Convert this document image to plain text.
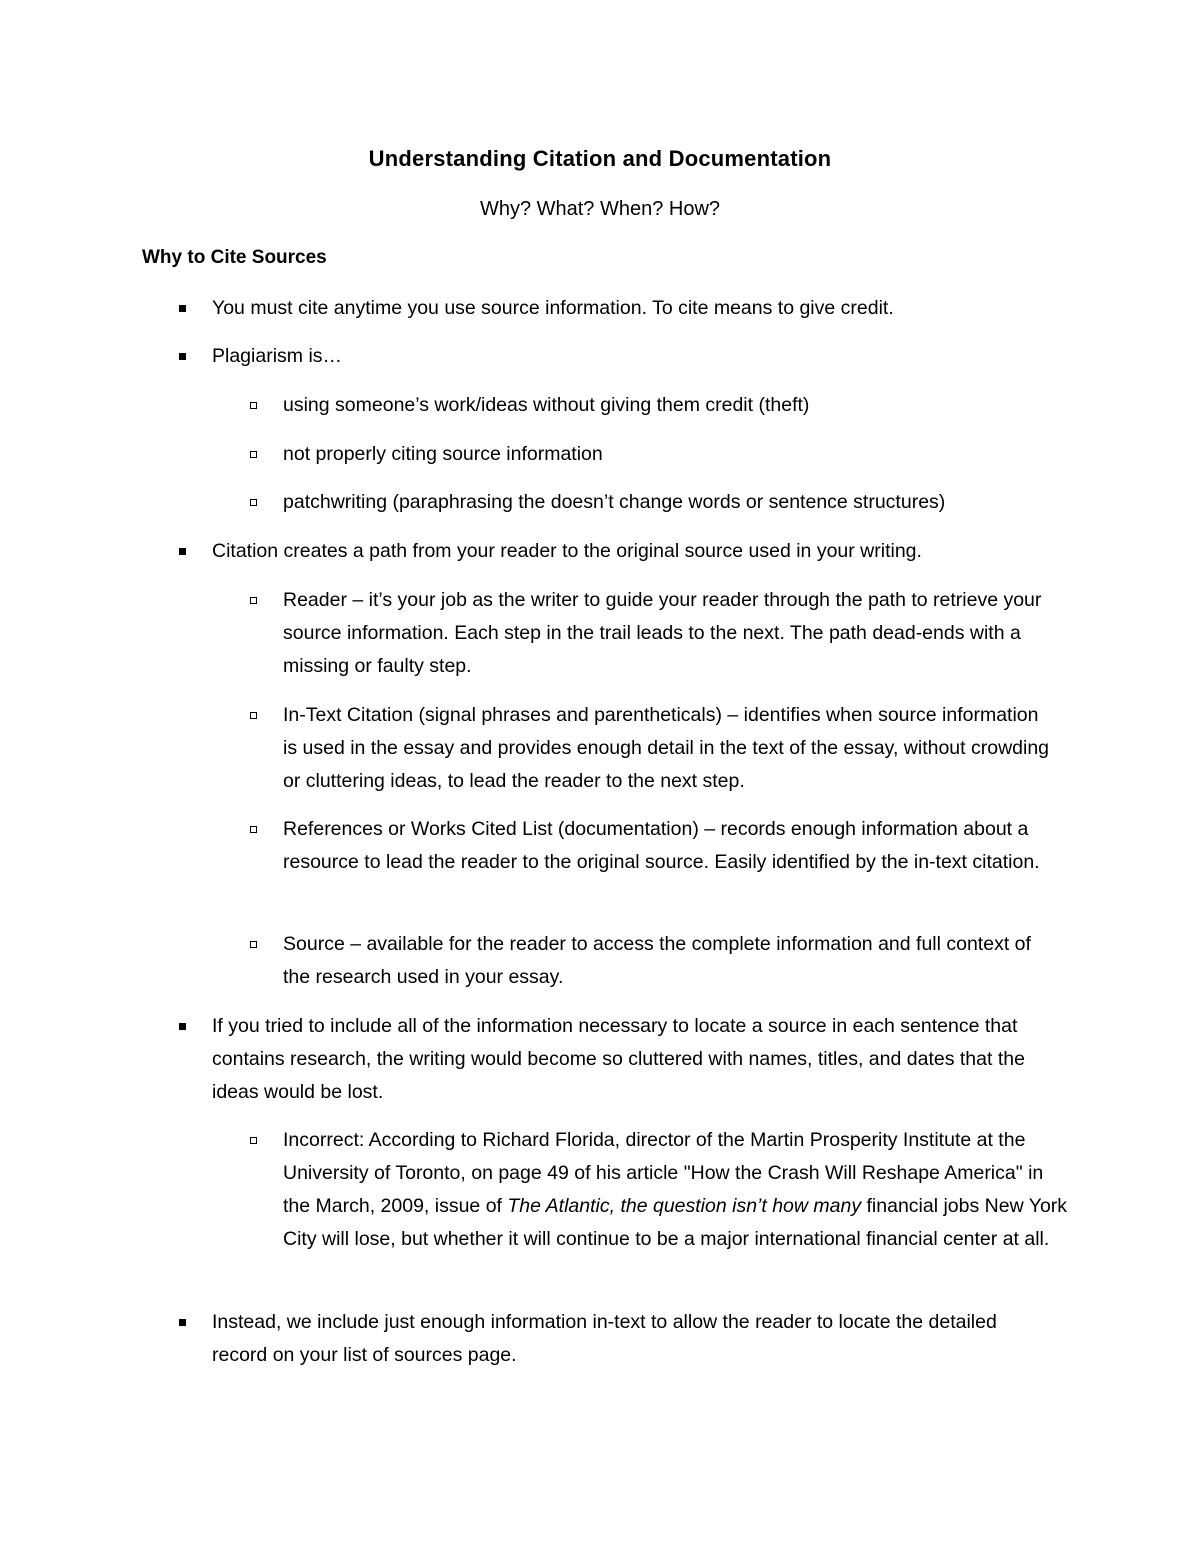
Understanding Citation and Documentation
Why? What? When? How?
Why to Cite Sources
You must cite anytime you use source information. To cite means to give credit.
Plagiarism is…
using someone’s work/ideas without giving them credit (theft)
not properly citing source information
patchwriting (paraphrasing the doesn’t change words or sentence structures)
Citation creates a path from your reader to the original source used in your writing.
Reader – it’s your job as the writer to guide your reader through the path to retrieve your source information. Each step in the trail leads to the next. The path dead-ends with a missing or faulty step.
In-Text Citation (signal phrases and parentheticals) – identifies when source information is used in the essay and provides enough detail in the text of the essay, without crowding or cluttering ideas, to lead the reader to the next step.
References or Works Cited List (documentation) – records enough information about a resource to lead the reader to the original source. Easily identified by the in-text citation.
Source – available for the reader to access the complete information and full context of the research used in your essay.
If you tried to include all of the information necessary to locate a source in each sentence that contains research, the writing would become so cluttered with names, titles, and dates that the ideas would be lost.
Incorrect: According to Richard Florida, director of the Martin Prosperity Institute at the University of Toronto, on page 49 of his article "How the Crash Will Reshape America" in the March, 2009, issue of The Atlantic, the question isn’t how many financial jobs New York City will lose, but whether it will continue to be a major international financial center at all.
Instead, we include just enough information in-text to allow the reader to locate the detailed record on your list of sources page.
